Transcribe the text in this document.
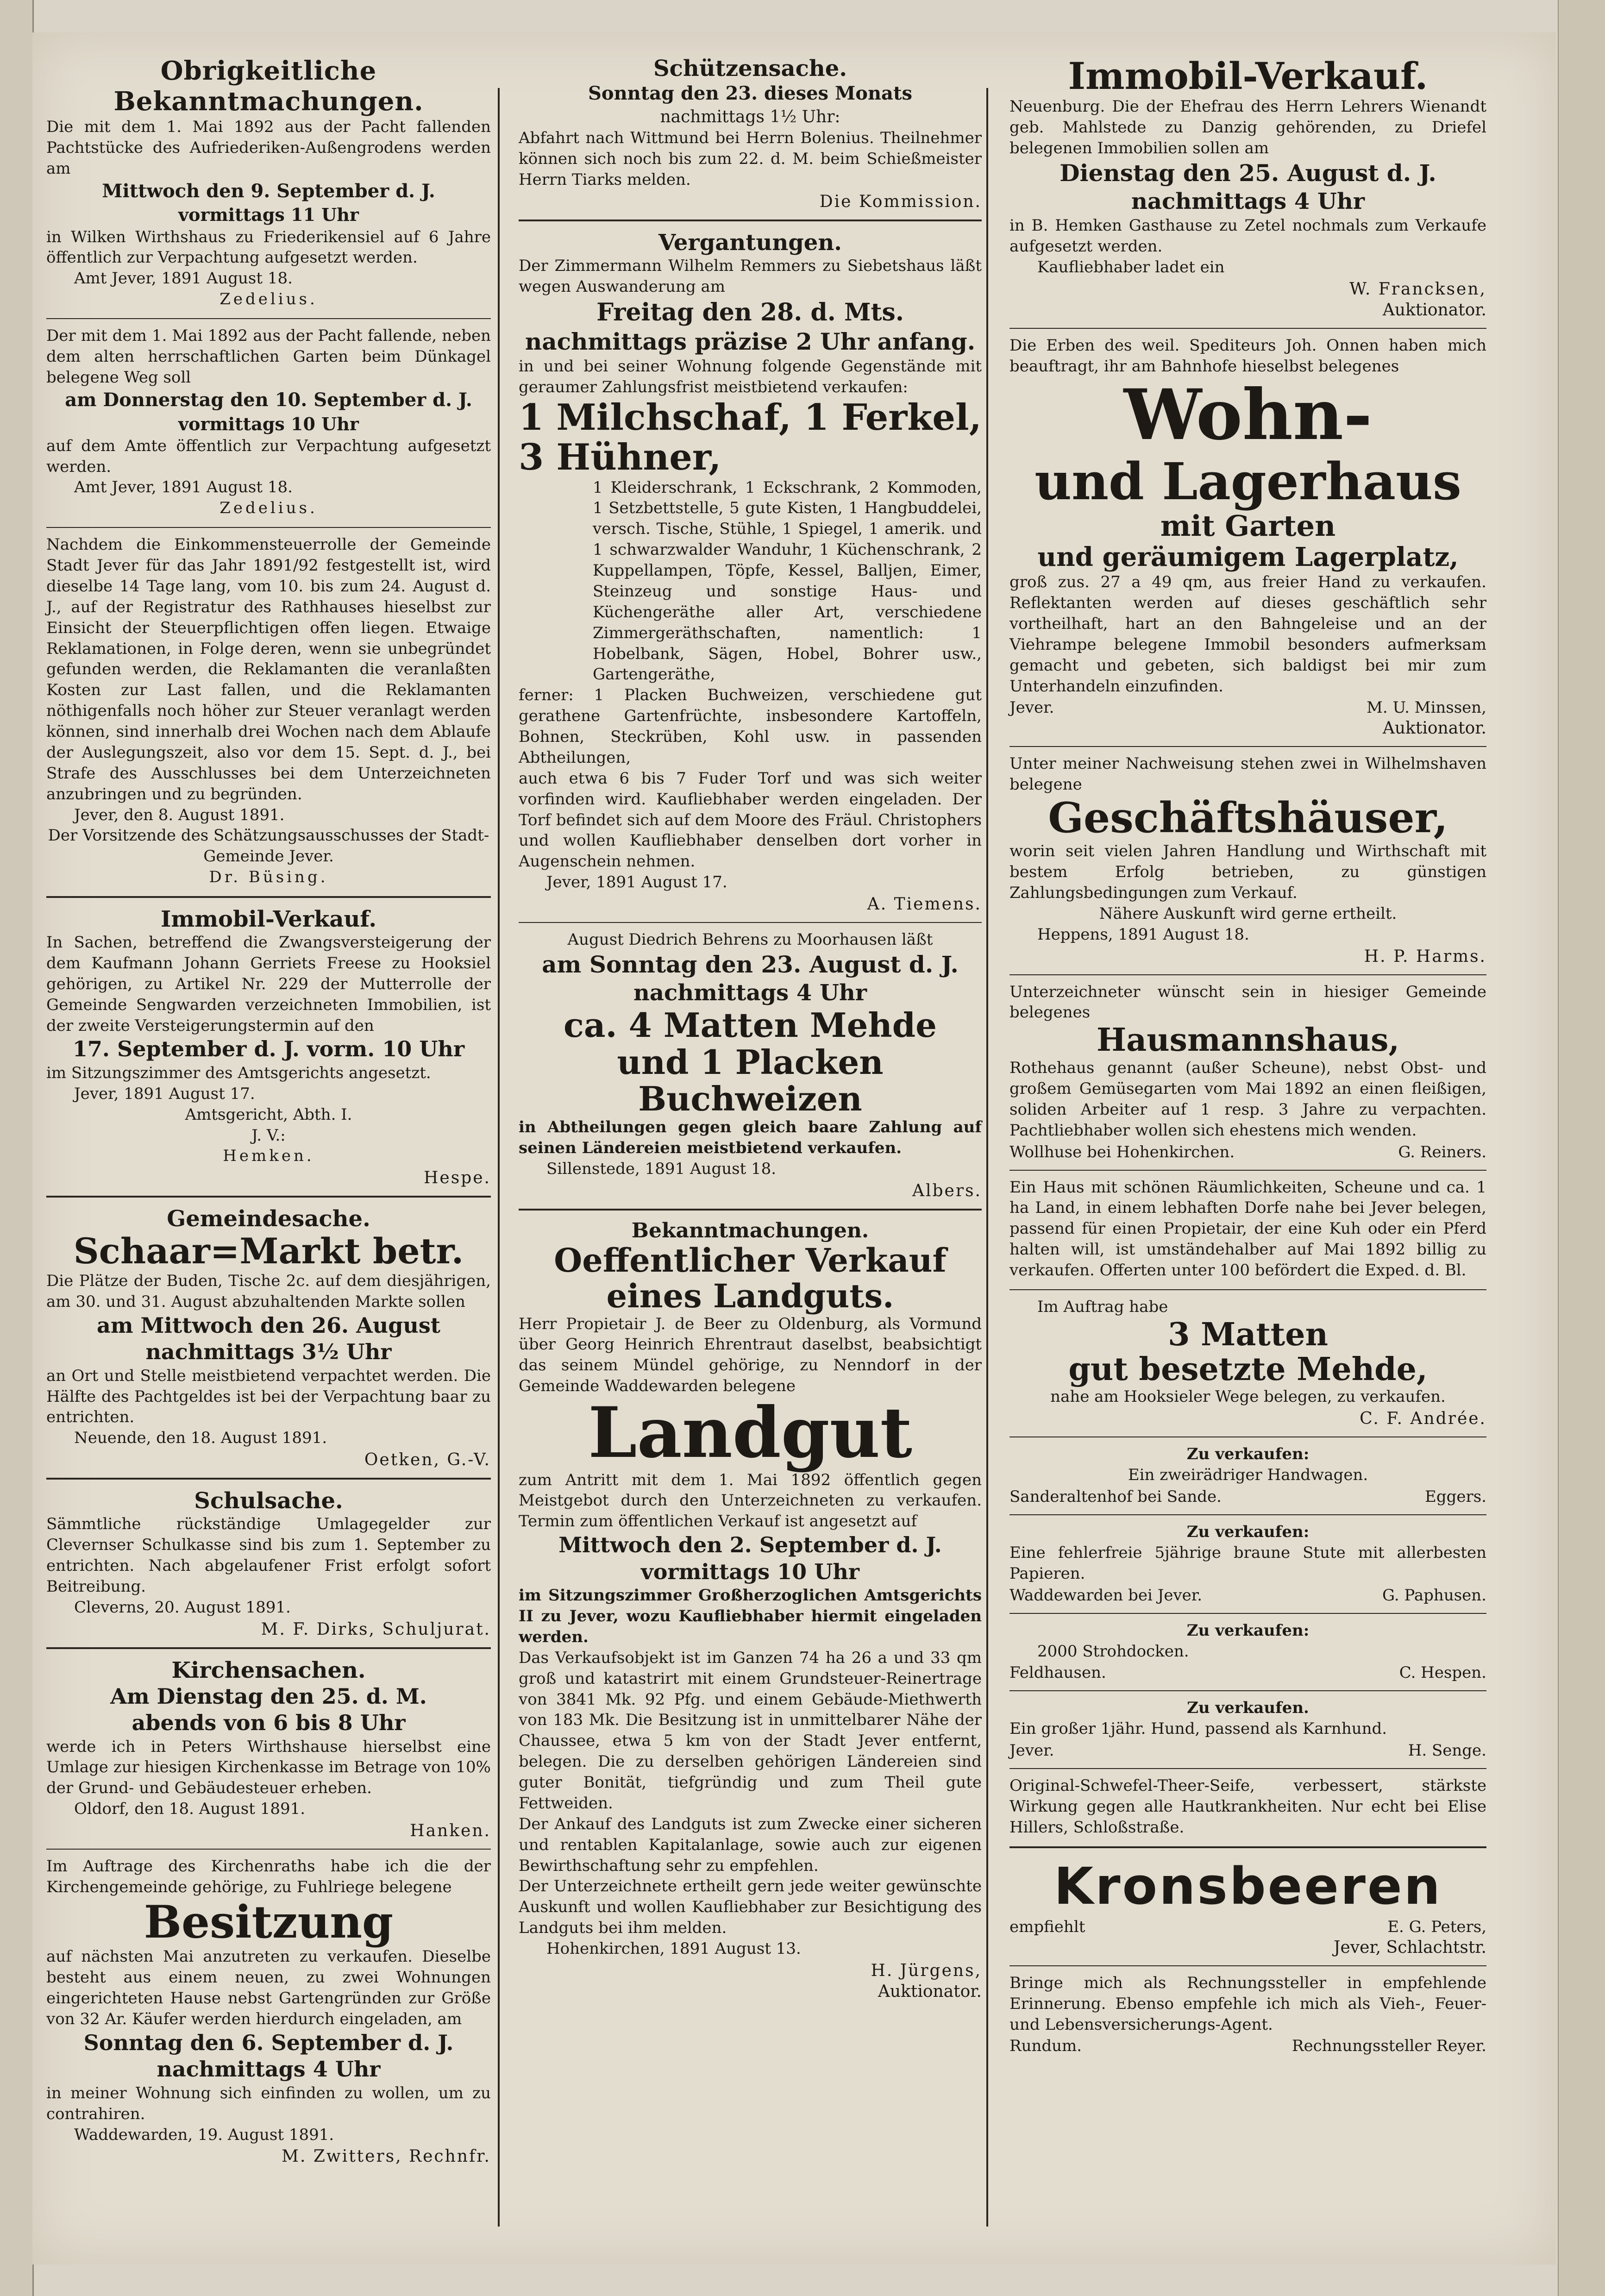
Obrigkeitliche Bekanntmachungen.

Die mit dem 1. Mai 1892 aus der Pacht fallenden Pachtstücke des Aufriederiken-Außengrodens werden am

Mittwoch den 9. September d. J.
vormittags 11 Uhr

in Wilken Wirthshaus zu Friederikensiel auf 6 Jahre öffentlich zur Verpachtung aufgesetzt werden.

Amt Jever, 1891 August 18.

Zedelius.

Der mit dem 1. Mai 1892 aus der Pacht fallende, neben dem alten herrschaftlichen Garten beim Dünkagel belegene Weg soll

am Donnerstag den 10. September d. J.
vormittags 10 Uhr

auf dem Amte öffentlich zur Verpachtung aufgesetzt werden.

Amt Jever, 1891 August 18.

Zedelius.

Nachdem die Einkommensteuerrolle der Gemeinde Stadt Jever für das Jahr 1891/92 festgestellt ist, wird dieselbe 14 Tage lang, vom 10. bis zum 24. August d. J., auf der Registratur des Rathhauses hieselbst zur Einsicht der Steuerpflichtigen offen liegen. Etwaige Reklamationen, in Folge deren, wenn sie unbegründet gefunden werden, die Reklamanten die veranlaßten Kosten zur Last fallen, und die Reklamanten nöthigenfalls noch höher zur Steuer veranlagt werden können, sind innerhalb drei Wochen nach dem Ablaufe der Auslegungszeit, also vor dem 15. Sept. d. J., bei Strafe des Ausschlusses bei dem Unterzeichneten anzubringen und zu begründen.

Jever, den 8. August 1891.

Der Vorsitzende des Schätzungsausschusses der Stadt-Gemeinde Jever.

Dr. Büsing.
Immobil-Verkauf.

In Sachen, betreffend die Zwangsversteigerung der dem Kaufmann Johann Gerriets Freese zu Hooksiel gehörigen, zu Artikel Nr. 229 der Mutterrolle der Gemeinde Sengwarden verzeichneten Immobilien, ist der zweite Versteigerungstermin auf den

17. September d. J. vorm. 10 Uhr

im Sitzungszimmer des Amtsgerichts angesetzt.

Jever, 1891 August 17.

Amtsgericht, Abth. I.

J. V.:

Hemken.
Hespe.
Gemeindesache.
Schaar=Markt betr.

Die Plätze der Buden, Tische 2c. auf dem diesjährigen, am 30. und 31. August abzuhaltenden Markte sollen

am Mittwoch den 26. August
nachmittags 3½ Uhr

an Ort und Stelle meistbietend verpachtet werden. Die Hälfte des Pachtgeldes ist bei der Verpachtung baar zu entrichten.

Neuende, den 18. August 1891.

Oetken, G.-V.
Schulsache.

Sämmtliche rückständige Umlagegelder zur Clevernser Schulkasse sind bis zum 1. September zu entrichten. Nach abgelaufener Frist erfolgt sofort Beitreibung.

Cleverns, 20. August 1891.

M. F. Dirks, Schuljurat.
Kirchensachen.
Am Dienstag den 25. d. M.
abends von 6 bis 8 Uhr

werde ich in Peters Wirthshause hierselbst eine Umlage zur hiesigen Kirchenkasse im Betrage von 10% der Grund- und Gebäudesteuer erheben.

Oldorf, den 18. August 1891.

Hanken.

Im Auftrage des Kirchenraths habe ich die der Kirchengemeinde gehörige, zu Fuhlriege belegene

Besitzung

auf nächsten Mai anzutreten zu verkaufen. Dieselbe besteht aus einem neuen, zu zwei Wohnungen eingerichteten Hause nebst Gartengründen zur Größe von 32 Ar. Käufer werden hierdurch eingeladen, am

Sonntag den 6. September d. J.
nachmittags 4 Uhr

in meiner Wohnung sich einfinden zu wollen, um zu contrahiren.

Waddewarden, 19. August 1891.

M. Zwitters, Rechnfr.
Schützensache.
Sonntag den 23. dieses Monats
nachmittags 1½ Uhr:

Abfahrt nach Wittmund bei Herrn Bolenius. Theilnehmer können sich noch bis zum 22. d. M. beim Schießmeister Herrn Tiarks melden.

Die Kommission.
Vergantungen.

Der Zimmermann Wilhelm Remmers zu Siebetshaus läßt wegen Auswanderung am

Freitag den 28. d. Mts.
nachmittags präzise 2 Uhr anfang.

in und bei seiner Wohnung folgende Gegenstände mit geraumer Zahlungsfrist meistbietend verkaufen:

1 Milchschaf, 1 Ferkel,
3 Hühner,

1 Kleiderschrank, 1 Eckschrank, 2 Kommoden, 1 Setzbettstelle, 5 gute Kisten, 1 Hangbuddelei, versch. Tische, Stühle, 1 Spiegel, 1 amerik. und 1 schwarzwalder Wanduhr, 1 Küchenschrank, 2 Kuppellampen, Töpfe, Kessel, Balljen, Eimer, Steinzeug und sonstige Haus- und Küchengeräthe aller Art, verschiedene Zimmergeräthschaften, namentlich: 1 Hobelbank, Sägen, Hobel, Bohrer usw., Gartengeräthe,

ferner: 1 Placken Buchweizen, verschiedene gut gerathene Gartenfrüchte, insbesondere Kartoffeln, Bohnen, Steckrüben, Kohl usw. in passenden Abtheilungen,

auch etwa 6 bis 7 Fuder Torf und was sich weiter vorfinden wird. Kaufliebhaber werden eingeladen. Der Torf befindet sich auf dem Moore des Fräul. Christophers und wollen Kaufliebhaber denselben dort vorher in Augenschein nehmen.

Jever, 1891 August 17.

A. Tiemens.

August Diedrich Behrens zu Moorhausen läßt

am Sonntag den 23. August d. J.
nachmittags 4 Uhr
ca. 4 Matten Mehde
und 1 Placken Buchweizen

in Abtheilungen gegen gleich baare Zahlung auf seinen Ländereien meistbietend verkaufen.

Sillenstede, 1891 August 18.

Albers.
Bekanntmachungen.
Oeffentlicher Verkauf eines Landguts.

Herr Propietair J. de Beer zu Oldenburg, als Vormund über Georg Heinrich Ehrentraut daselbst, beabsichtigt das seinem Mündel gehörige, zu Nenndorf in der Gemeinde Waddewarden belegene

Landgut

zum Antritt mit dem 1. Mai 1892 öffentlich gegen Meistgebot durch den Unterzeichneten zu verkaufen. Termin zum öffentlichen Verkauf ist angesetzt auf

Mittwoch den 2. September d. J.
vormittags 10 Uhr

im Sitzungszimmer Großherzoglichen Amtsgerichts II zu Jever, wozu Kaufliebhaber hiermit eingeladen werden.

Das Verkaufsobjekt ist im Ganzen 74 ha 26 a und 33 qm groß und katastrirt mit einem Grundsteuer-Reinertrage von 3841 Mk. 92 Pfg. und einem Gebäude-Miethwerth von 183 Mk. Die Besitzung ist in unmittelbarer Nähe der Chaussee, etwa 5 km von der Stadt Jever entfernt, belegen. Die zu derselben gehörigen Ländereien sind guter Bonität, tiefgründig und zum Theil gute Fettweiden.

Der Ankauf des Landguts ist zum Zwecke einer sicheren und rentablen Kapitalanlage, sowie auch zur eigenen Bewirthschaftung sehr zu empfehlen.

Der Unterzeichnete ertheilt gern jede weiter gewünschte Auskunft und wollen Kaufliebhaber zur Besichtigung des Landguts bei ihm melden.

Hohenkirchen, 1891 August 13.

H. Jürgens,
Auktionator.
Immobil-Verkauf.

Neuenburg. Die der Ehefrau des Herrn Lehrers Wienandt geb. Mahlstede zu Danzig gehörenden, zu Driefel belegenen Immobilien sollen am

Dienstag den 25. August d. J.
nachmittags 4 Uhr

in B. Hemken Gasthause zu Zetel nochmals zum Verkaufe aufgesetzt werden.

Kaufliebhaber ladet ein

W. Francksen,
Auktionator.

Die Erben des weil. Spediteurs Joh. Onnen haben mich beauftragt, ihr am Bahnhofe hieselbst belegenes

Wohn-
und Lagerhaus
mit Garten
und geräumigem Lagerplatz,

groß zus. 27 a 49 qm, aus freier Hand zu verkaufen. Reflektanten werden auf dieses geschäftlich sehr vortheilhaft, hart an den Bahngeleise und an der Viehrampe belegene Immobil besonders aufmerksam gemacht und gebeten, sich baldigst bei mir zum Unterhandeln einzufinden.

Jever.	M. U. Minssen,
Auktionator.

Unter meiner Nachweisung stehen zwei in Wilhelmshaven belegene

Geschäftshäuser,

worin seit vielen Jahren Handlung und Wirthschaft mit bestem Erfolg betrieben, zu günstigen Zahlungsbedingungen zum Verkauf.

Nähere Auskunft wird gerne ertheilt.

Heppens, 1891 August 18.

H. P. Harms.

Unterzeichneter wünscht sein in hiesiger Gemeinde belegenes

Hausmannshaus,

Rothehaus genannt (außer Scheune), nebst Obst- und großem Gemüsegarten vom Mai 1892 an einen fleißigen, soliden Arbeiter auf 1 resp. 3 Jahre zu verpachten. Pachtliebhaber wollen sich ehestens mich wenden.

Wollhuse bei Hohenkirchen.	G. Reiners.

Ein Haus mit schönen Räumlichkeiten, Scheune und ca. 1 ha Land, in einem lebhaften Dorfe nahe bei Jever belegen, passend für einen Propietair, der eine Kuh oder ein Pferd halten will, ist umständehalber auf Mai 1892 billig zu verkaufen. Offerten unter 100 befördert die Exped. d. Bl.

Im Auftrag habe

3 Matten
gut besetzte Mehde,

nahe am Hooksieler Wege belegen, zu verkaufen.

C. F. Andrée.
Zu verkaufen:

Ein zweirädriger Handwagen.

Sanderaltenhof bei Sande.	Eggers.
Zu verkaufen:

Eine fehlerfreie 5jährige braune Stute mit allerbesten Papieren.

Waddewarden bei Jever.	G. Paphusen.
Zu verkaufen:

2000 Strohdocken.

Feldhausen.	C. Hespen.
Zu verkaufen.

Ein großer 1jähr. Hund, passend als Karnhund.

Jever.	H. Senge.

Original-Schwefel-Theer-Seife, verbessert, stärkste Wirkung gegen alle Hautkrankheiten. Nur echt bei Elise Hillers, Schloßstraße.

Kronsbeeren
empfiehlt	E. G. Peters,
Jever, Schlachtstr.

Bringe mich als Rechnungssteller in empfehlende Erinnerung. Ebenso empfehle ich mich als Vieh-, Feuer- und Lebensversicherungs-Agent.

Rundum.	Rechnungssteller Reyer.
